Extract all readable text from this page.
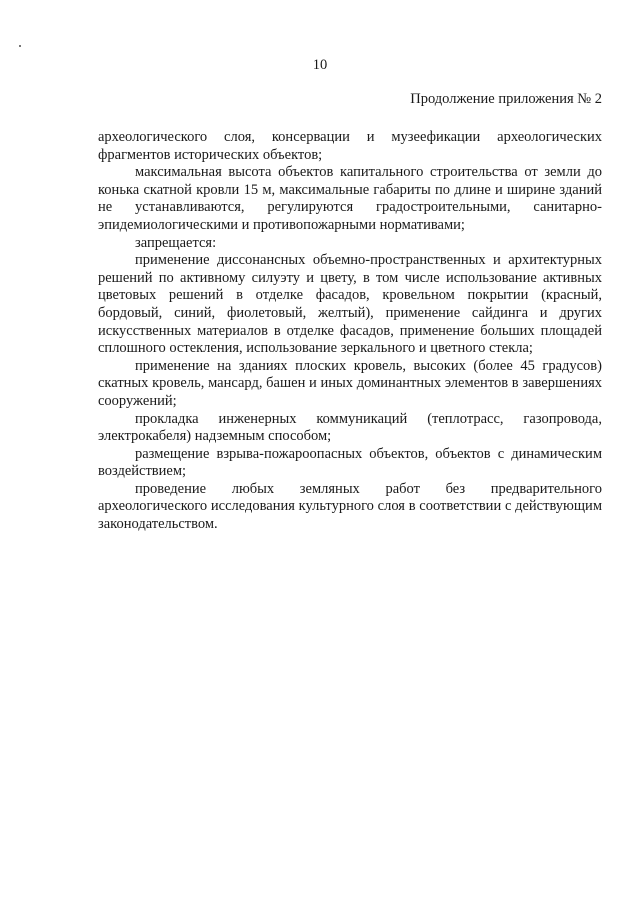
10
Продолжение приложения № 2

археологического слоя, консервации и музеефикации археологических фрагментов исторических объектов;

максимальная высота объектов капитального строительства от земли до конька скатной кровли 15 м, максимальные габариты по длине и ширине зданий не устанавливаются, регулируются градостроительными, санитарно-эпидемиологическими и противопожарными нормативами;

запрещается:

применение диссонансных объемно-пространственных и архитектурных решений по активному силуэту и цвету, в том числе использование активных цветовых решений в отделке фасадов, кровельном покрытии (красный, бордовый, синий, фиолетовый, желтый), применение сайдинга и других искусственных материалов в отделке фасадов, применение больших площадей сплошного остекления, использование зеркального и цветного стекла;

применение на зданиях плоских кровель, высоких (более 45 градусов) скатных кровель, мансард, башен и иных доминантных элементов в завершениях сооружений;

прокладка инженерных коммуникаций (теплотрасс, газопровода, электрокабеля) надземным способом;

размещение взрыва-пожароопасных объектов, объектов с динамическим воздействием;

проведение любых земляных работ без предварительного археологического исследования культурного слоя в соответствии с действующим законодательством.
